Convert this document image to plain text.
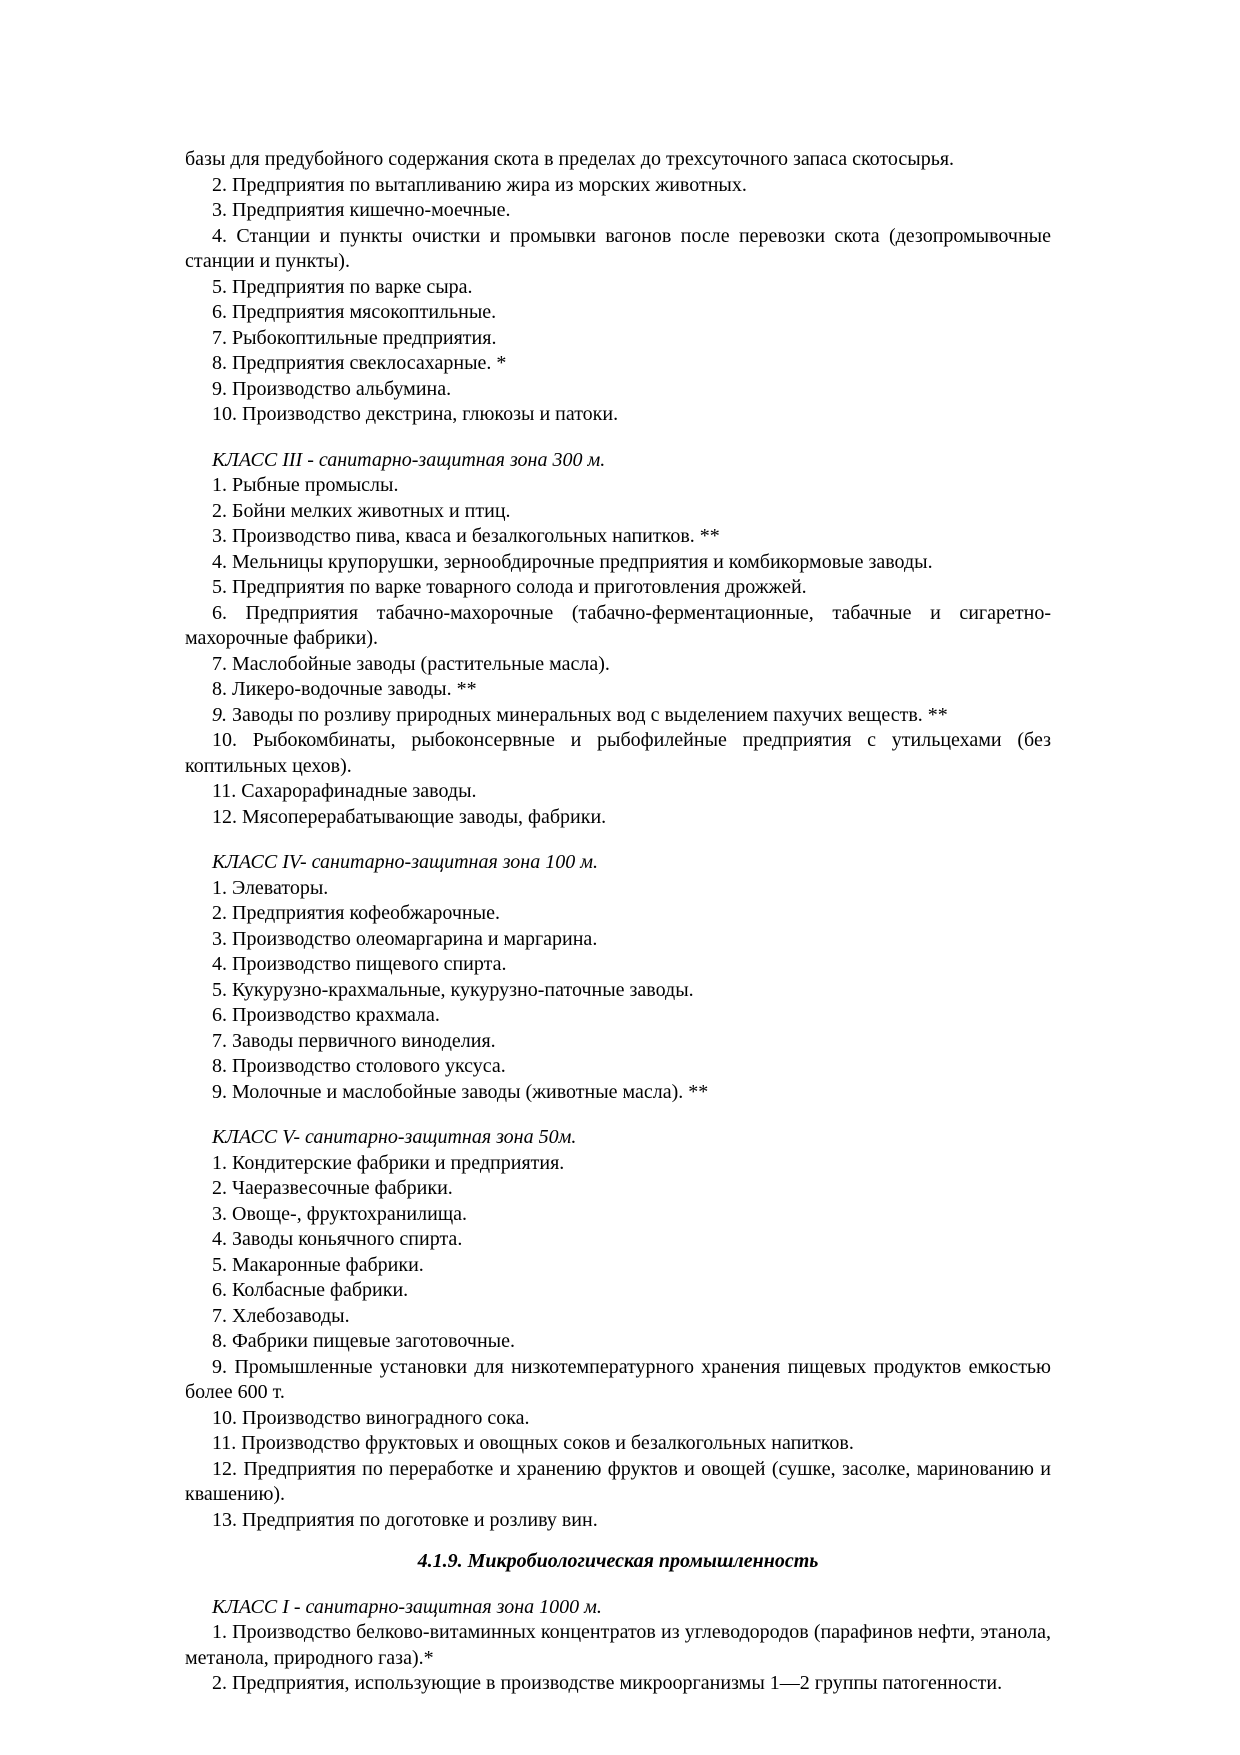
базы для предубойного содержания скота в пределах до трехсуточного запаса скотосырья.

2. Предприятия по вытапливанию жира из морских животных.

3. Предприятия кишечно-моечные.

4. Станции и пункты очистки и промывки вагонов после перевозки скота (дезопромывочные станции и пункты).

5. Предприятия по варке сыра.

6. Предприятия мясокоптильные.

7. Рыбокоптильные предприятия.

8. Предприятия свеклосахарные. *

9. Производство альбумина.

10. Производство декстрина, глюкозы и патоки.

КЛАСС III - санитарно-защитная зона 300 м.

1. Рыбные промыслы.

2. Бойни мелких животных и птиц.

3. Производство пива, кваса и безалкогольных напитков. **

4. Мельницы крупорушки, зернообдирочные предприятия и комбикормовые заводы.

5. Предприятия по варке товарного солода и приготовления дрожжей.

6. Предприятия табачно-махорочные (табачно-ферментационные, табачные и сигаретно-махорочные фабрики).

7. Маслобойные заводы (растительные масла).

8. Ликеро-водочные заводы. **

9. Заводы по розливу природных минеральных вод с выделением пахучих веществ. **

10. Рыбокомбинаты, рыбоконсервные и рыбофилейные предприятия с утильцехами (без коптильных цехов).

11. Сахарорафинадные заводы.

12. Мясоперерабатывающие заводы, фабрики.

КЛАСС IV- санитарно-защитная зона 100 м.

1. Элеваторы.

2. Предприятия кофеобжарочные.

3. Производство олеомаргарина и маргарина.

4. Производство пищевого спирта.

5. Кукурузно-крахмальные, кукурузно-паточные заводы.

6. Производство крахмала.

7. Заводы первичного виноделия.

8. Производство столового уксуса.

9. Молочные и маслобойные заводы (животные масла). **

КЛАСС V- санитарно-защитная зона 50м.

1. Кондитерские фабрики и предприятия.

2. Чаеразвесочные фабрики.

3. Овоще-, фруктохранилища.

4. Заводы коньячного спирта.

5. Макаронные фабрики.

6. Колбасные фабрики.

7. Хлебозаводы.

8. Фабрики пищевые заготовочные.

9. Промышленные установки для низкотемпературного хранения пищевых продуктов емкостью более 600 т.

10. Производство виноградного сока.

11. Производство фруктовых и овощных соков и безалкогольных напитков.

12. Предприятия по переработке и хранению фруктов и овощей (сушке, засолке, маринованию и квашению).

13. Предприятия по доготовке и розливу вин.

4.1.9. Микробиологическая промышленность

КЛАСС I - санитарно-защитная зона 1000 м.

1. Производство белково-витаминных концентратов из углеводородов (парафинов нефти, этанола, метанола, природного газа).*

2. Предприятия, использующие в производстве микроорганизмы 1—2 группы патогенности.
